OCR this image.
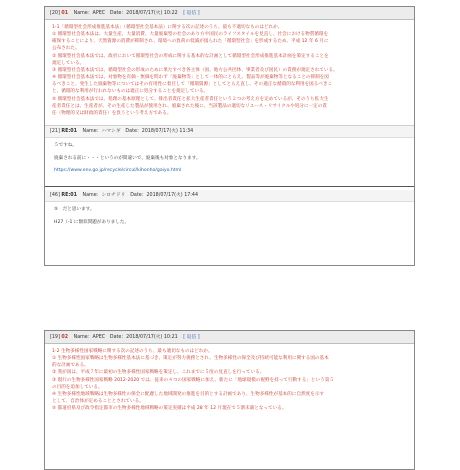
[20] 01 Name：APEC　Date：2018/07/17(火) 10:22 [ 返信 ]

1-1「循環型社会形成推進基本法」（循環型社会基本法）に関する次の記述のうち、最も不適切なものはどれか。

① 循環型社会基本法は、大量生産、大量消費、大量廃棄型の社会のあり方や国民のライフスタイルを見直し、社会における物質循環を

確保することにより、天然資源の消費が抑制され、環境への負荷の低減が図られた「循環型社会」を形成するため、平成 12 年 6 月に

公布された。

② 循環型社会基本法では、政府において循環型社会の形成に関する基本的な計画として循環型社会形成推進基本計画を策定することを

規定している。

③ 循環型社会基本法では、循環型社会の形成のために果たすべき各主体（国、地方公共団体、事業者及び国民）の責務が規定されている。

④ 循環型社会基本法では、対象物を有価・無価を問わず「廃棄物等」として一体的にとらえ、製品等が廃棄物等となることの抑制を図

るべきこと、発生した廃棄物等についてはその有用性に着目して「循環資源」としてとらえ直し、その適正な循環的な利用を図るべきこ

と、循環的な利用が行われないものは適正に処分することを規定している。

⑤ 循環型社会基本法では、処理の基本原理として、排出者責任と拡大生産者責任という２つの考え方を定めているが、そのうち拡大生

産者責任とは、生産者が、その生産した製品が使用され、廃棄された後に、当該製品の適切なリユース・リサイクルや処分に一定の責

任（物理的又は財政的責任）を負うという考え方である。

[21] RE:01 Name：ハマシギ　Date：2018/07/17(火) 11:34

５ですね。

廃棄される前に・・・というのが間違いで、廃棄後も対象となります。

https://www.env.go.jp/recycle/circul/kihonho/gaiyo.html

[46] RE:01 Name：シロチドリ　Date：2018/07/17(火) 17:44

⑤　だと思います。

H27（-1 に類似問題がありました。

[19] 02 Name：APEC　Date：2018/07/17(火) 10:21 [ 返信 ]

1-2 生物多様性国家戦略に関する次の記述のうち、最も適切なものはどれか。

① 生物多様性国家戦略は生物多様性基本法に基づき、策定が努力義務とされ、生物多様性の保全及び持続可能な利用に関する国の基本

的な計画である。

② 我が国は、平成７年に最初の生物多様性国家戦略を策定し、これまでに５度の見直しを行っている。

③ 現行の生物多様性国家戦略 2012-2020 では、従来の４つの国家戦略に加え、新たに「地球規模の視野を持って行動する」という第５

の目的を追加している。

④ 生物多様性地域戦略は生物多様性の保全に配慮した地域開発の推進を目的とする計画であり、生物多様性が基本的に自然度を示す

として、自治体が定めることとされている。

⑤ 都道府県及び政令指定都市の生物多様性地域戦略の策定実績は平成 28 年 12 月現在で５割未満となっている。
